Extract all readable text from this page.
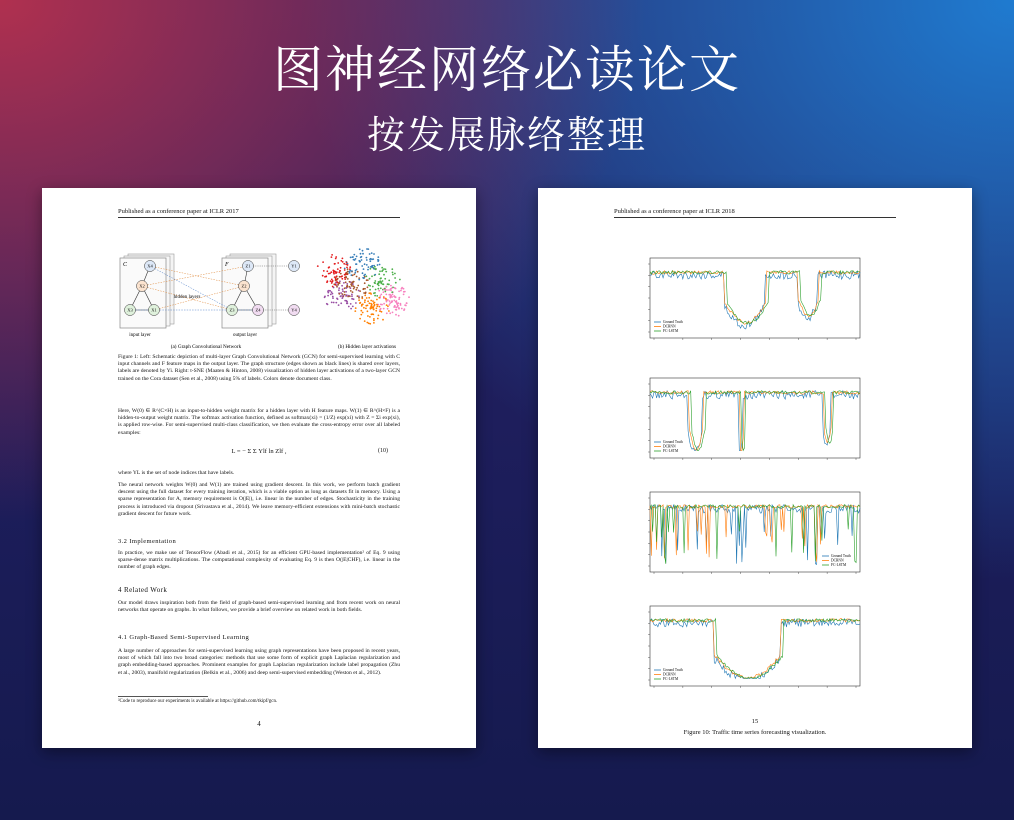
图神经网络必读论文
按发展脉络整理
Published as a conference paper at ICLR 2017
C	F
hidden layers
X4
X2
X3	X1
Z1
Z2
Z3	Z4
Y1
Y4
input layer	output layer
(a) Graph Convolutional Network	(b) Hidden layer activations
Figure 1: Left: Schematic depiction of multi-layer Graph Convolutional Network (GCN) for semi-supervised learning with C input channels and F feature maps in the output layer. The graph structure (edges shown as black lines) is shared over layers, labels are denoted by Yi. Right: t-SNE (Maaten & Hinton, 2008) visualization of hidden layer activations of a two-layer GCN trained on the Cora dataset (Sen et al., 2008) using 5% of labels. Colors denote document class.
Here, W(0) ∈ R^(C×H) is an input-to-hidden weight matrix for a hidden layer with H feature maps. W(1) ∈ R^(H×F) is a hidden-to-output weight matrix. The softmax activation function, defined as softmax(xi) = (1/Z) exp(xi) with Z = Σi exp(xi), is applied row-wise. For semi-supervised multi-class classification, we then evaluate the cross-entropy error over all labeled examples:
L = − Σ Σ Ylf ln Zlf ,	(10)
where YL is the set of node indices that have labels.
The neural network weights W(0) and W(1) are trained using gradient descent. In this work, we perform batch gradient descent using the full dataset for every training iteration, which is a viable option as long as datasets fit in memory. Using a sparse representation for A, memory requirement is O(|E|), i.e. linear in the number of edges. Stochasticity in the training process is introduced via dropout (Srivastava et al., 2014). We leave memory-efficient extensions with mini-batch stochastic gradient descent for future work.
3.2 Implementation
In practice, we make use of TensorFlow (Abadi et al., 2015) for an efficient GPU-based implementation² of Eq. 9 using sparse-dense matrix multiplications. The computational complexity of evaluating Eq. 9 is then O(|E|CHF), i.e. linear in the number of graph edges.
4 Related Work
Our model draws inspiration both from the field of graph-based semi-supervised learning and from recent work on neural networks that operate on graphs. In what follows, we provide a brief overview on related work in both fields.
4.1 Graph-Based Semi-Supervised Learning
A large number of approaches for semi-supervised learning using graph representations have been proposed in recent years, most of which fall into two broad categories: methods that use some form of explicit graph Laplacian regularization and graph embedding-based approaches. Prominent examples for graph Laplacian regularization include label propagation (Zhu et al., 2003), manifold regularization (Belkin et al., 2006) and deep semi-supervised embedding (Weston et al., 2012).
²Code to reproduce our experiments is available at https://github.com/tkipf/gcn.
4
Published as a conference paper at ICLR 2018
Ground Truth
DCRNN
FC-LSTM
Ground Truth
DCRNN
FC-LSTM
Ground Truth
DCRNN
FC-LSTM
Ground Truth
DCRNN
FC-LSTM
15
Figure 10: Traffic time series forecasting visualization.
